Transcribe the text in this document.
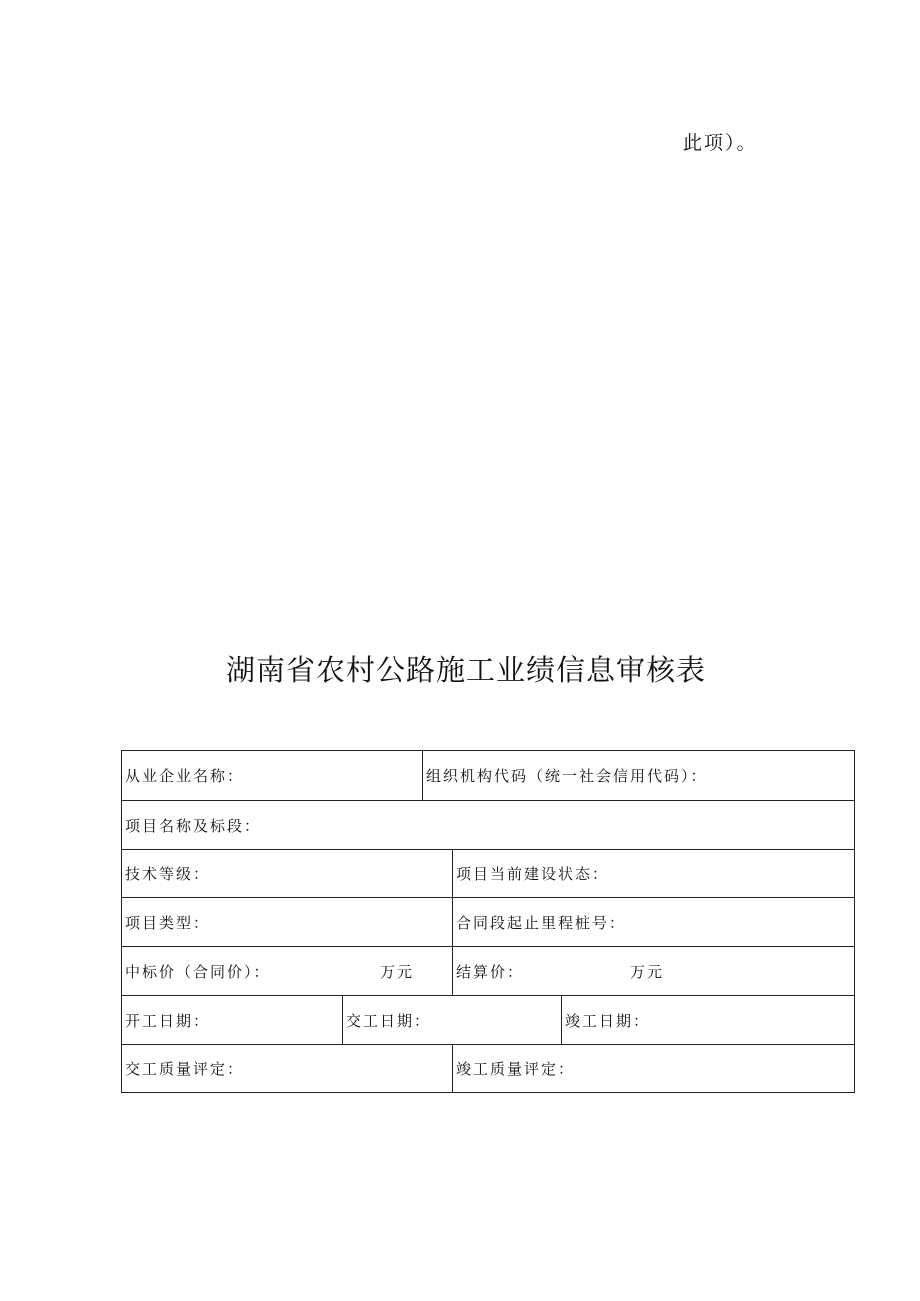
此项）。
湖南省农村公路施工业绩信息审核表
从业企业名称：	组织机构代码（统一社会信用代码）：
项目名称及标段：
技术等级：	项目当前建设状态：
项目类型：	合同段起止里程桩号：
中标价（合同价）：	万元	结算价：	万元
开工日期：	交工日期：	竣工日期：
交工质量评定：	竣工质量评定：
